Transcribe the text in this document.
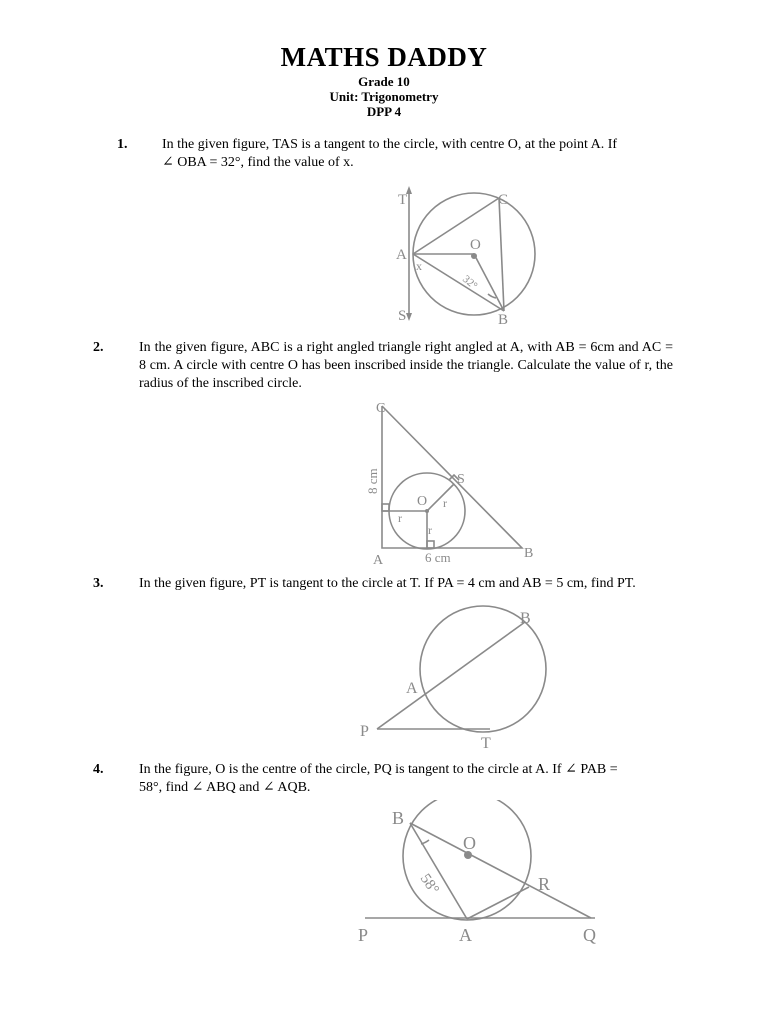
MATHS DADDY
Grade 10
Unit: Trigonometry
DPP 4
1. In the given figure, TAS is a tangent to the circle, with centre O, at the point A. If
∠ OBA = 32°, find the value of x.
T
S
A
O
C
B
x
32°
2.	In the given figure, ABC is a right angled triangle right angled at A, with AB = 6cm and AC = 8 cm. A circle with centre O has been inscribed inside the triangle. Calculate the value of r, the radius of the inscribed circle.
C
A	B
S
O r
r
r
8 cm
6 cm
3.	In the given figure, PT is tangent to the circle at T. If PA = 4 cm and AB = 5 cm, find PT.
B
A
P
T
4.	In the figure, O is the centre of the circle, PQ is tangent to the circle at A. If ∠ PAB =
58°, find ∠ ABQ and ∠ AQB.
B
O
R
P	A	Q
58°
